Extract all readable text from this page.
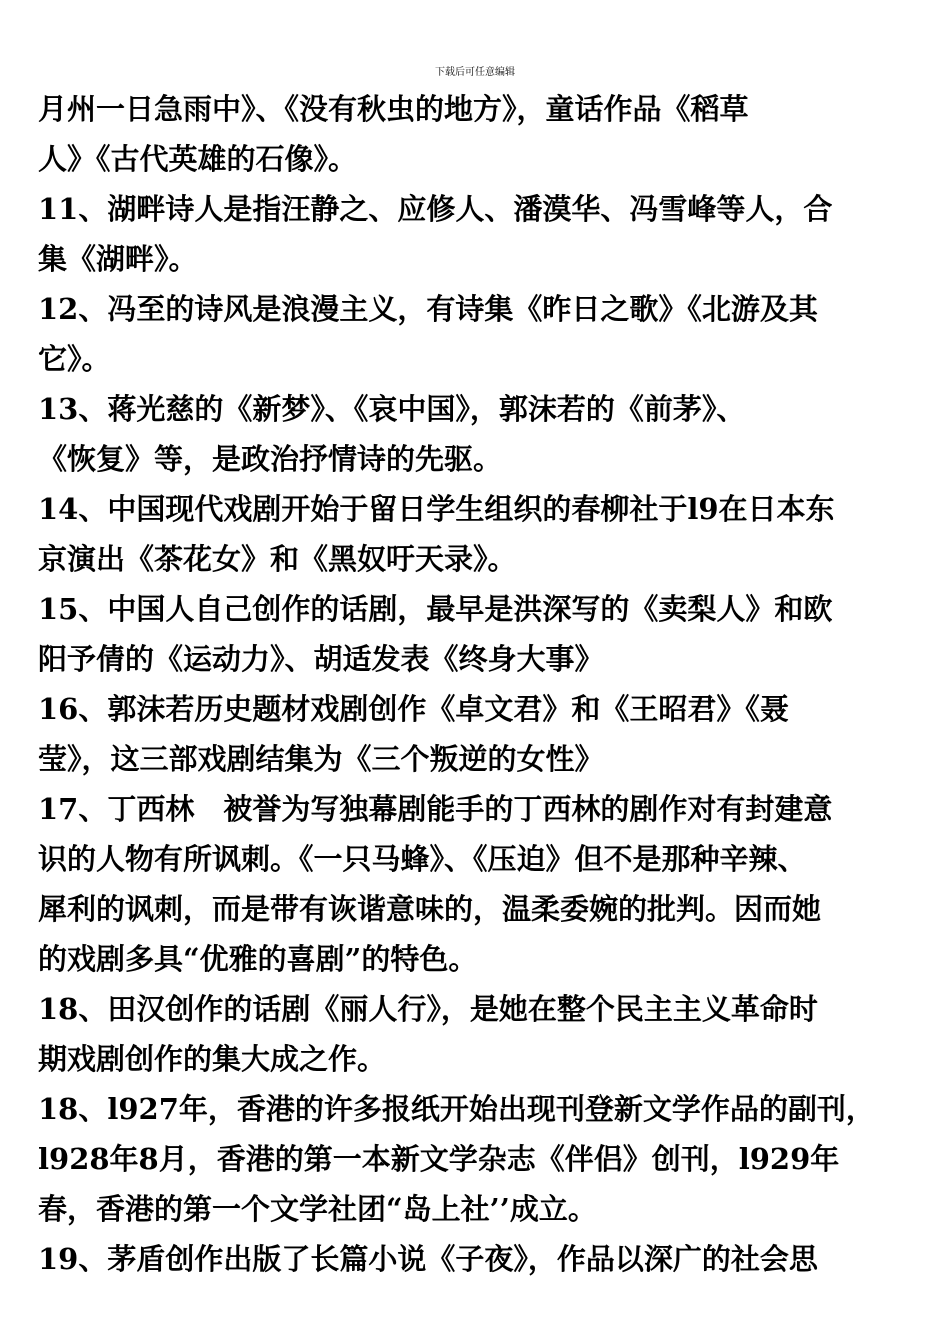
下载后可任意编辑
月州一日急雨中》、《没有秋虫的地方》，童话作品《稻草
人》《古代英雄的石像》。
11、湖畔诗人是指汪静之、应修人、潘漠华、冯雪峰等人，合
集《湖畔》。
12、冯至的诗风是浪漫主义，有诗集《昨日之歌》《北游及其
它》。
13、蒋光慈的《新梦》、《哀中国》，郭沫若的《前茅》、
《恢复》等，是政治抒情诗的先驱。
14、中国现代戏剧开始于留日学生组织的春柳社于l9在日本东
京演出《茶花女》和《黑奴吁天录》。
15、中国人自己创作的话剧，最早是洪深写的《卖梨人》和欧
阳予倩的《运动力》、胡适发表《终身大事》
16、郭沫若历史题材戏剧创作《卓文君》和《王昭君》《聂
莹》，这三部戏剧结集为《三个叛逆的女性》
17、丁西林　被誉为写独幕剧能手的丁西林的剧作对有封建意
识的人物有所讽刺。《一只马蜂》、《压迫》但不是那种辛辣、
犀利的讽刺，而是带有诙谐意味的，温柔委婉的批判。因而她
的戏剧多具“优雅的喜剧”的特色。
18、田汉创作的话剧《丽人行》，是她在整个民主主义革命时
期戏剧创作的集大成之作。
18、l927年，香港的许多报纸开始出现刊登新文学作品的副刊，
l928年8月，香港的第一本新文学杂志《伴侣》创刊，l929年
春，香港的第一个文学社团“岛上社’’成立。
19、茅盾创作出版了长篇小说《子夜》，作品以深广的社会思
